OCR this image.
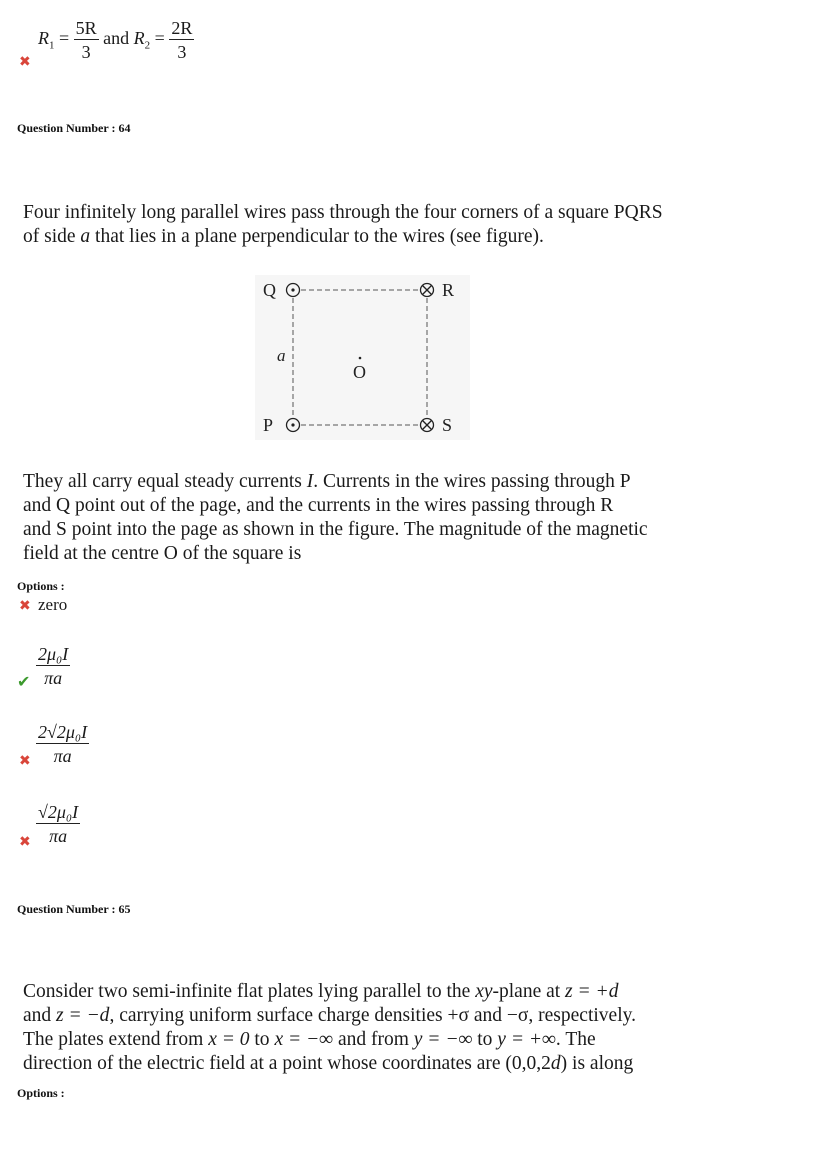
$R_1 = \frac{5R}{3}$ and $R_2 = \frac{2R}{3}$
✖
Question Number : 64

Four infinitely long parallel wires pass through the four corners of a square PQRS

of side a that lies in a plane perpendicular to the wires (see figure).

Q	R
P	S
a
O

They all carry equal steady currents I. Currents in the wires passing through P

and Q point out of the page, and the currents in the wires passing through R

and S point into the page as shown in the figure. The magnitude of the magnetic

field at the centre O of the square is

Options :
✖ zero
$\frac{\text{2μ₀I}}{\pi a}$
✔
$\frac{\text{2√2μ₀I}}{\pi a}$
✖
$\frac{\text{√2μ₀I}}{\pi a}$
✖
Question Number : 65

Consider two semi-infinite flat plates lying parallel to the xy-plane at z = +d

and z = −d, carrying uniform surface charge densities +σ and −σ, respectively.

The plates extend from x = 0 to x = −∞ and from y = −∞ to y = +∞. The

direction of the electric field at a point whose coordinates are (0,0,2d) is along

Options :
